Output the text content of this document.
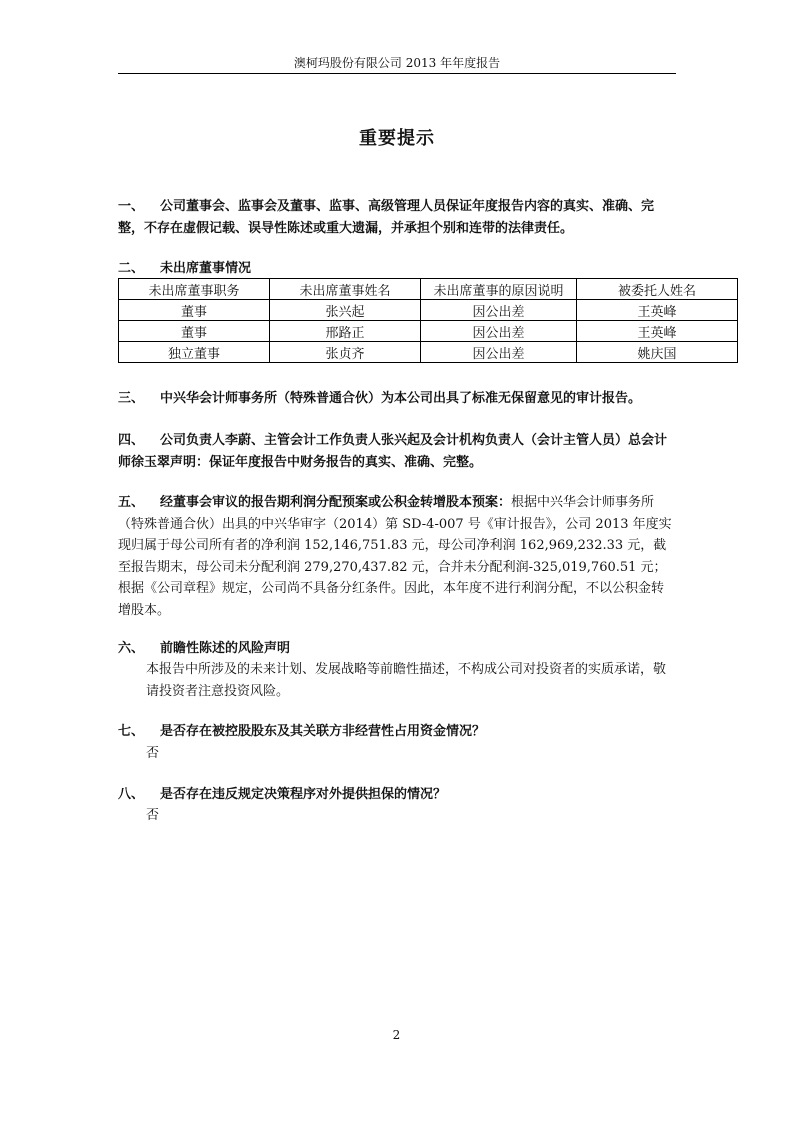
澳柯玛股份有限公司 2013 年年度报告
重要提示
一、 公司董事会、监事会及董事、监事、高级管理人员保证年度报告内容的真实、准确、完整，不存在虚假记载、误导性陈述或重大遗漏，并承担个别和连带的法律责任。
二、 未出席董事情况
未出席董事职务	未出席董事姓名	未出席董事的原因说明	被委托人姓名
董事	张兴起	因公出差	王英峰
董事	邢路正	因公出差	王英峰
独立董事	张贞齐	因公出差	姚庆国
三、 中兴华会计师事务所（特殊普通合伙）为本公司出具了标准无保留意见的审计报告。
四、 公司负责人李蔚、主管会计工作负责人张兴起及会计机构负责人（会计主管人员）总会计师徐玉翠声明：保证年度报告中财务报告的真实、准确、完整。
五、 经董事会审议的报告期利润分配预案或公积金转增股本预案：根据中兴华会计师事务所（特殊普通合伙）出具的中兴华审字（2014）第 SD-4-007 号《审计报告》，公司 2013 年度实现归属于母公司所有者的净利润 152,146,751.83 元，母公司净利润 162,969,232.33 元，截至报告期末，母公司未分配利润 279,270,437.82 元，合并未分配利润-325,019,760.51 元；根据《公司章程》规定，公司尚不具备分红条件。因此，本年度不进行利润分配，不以公积金转增股本。
六、 前瞻性陈述的风险声明
本报告中所涉及的未来计划、发展战略等前瞻性描述，不构成公司对投资者的实质承诺，敬请投资者注意投资风险。
七、 是否存在被控股股东及其关联方非经营性占用资金情况？
否
八、 是否存在违反规定决策程序对外提供担保的情况？
否
2
